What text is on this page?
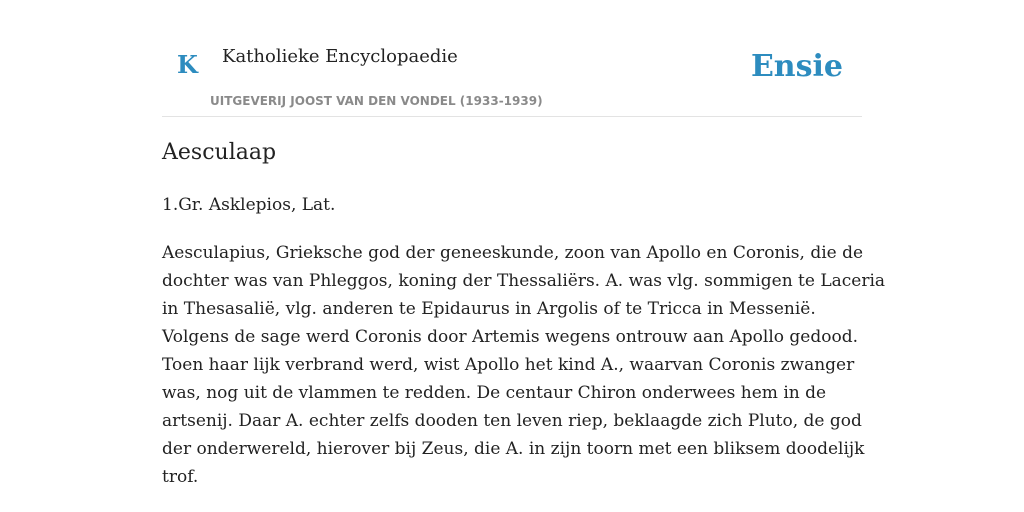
K Katholieke Encyclopaedie
UITGEVERIJ JOOST VAN DEN VONDEL (1933-1939)
Ensie
Aesculaap

1.Gr. Asklepios, Lat.

Aesculapius, Grieksche god der geneeskunde, zoon van Apollo en Coronis, die de
dochter was van Phleggos, koning der Thessaliërs. A. was vlg. sommigen te Laceria
in Thesasalië, vlg. anderen te Epidaurus in Argolis of te Tricca in Messenië.
Volgens de sage werd Coronis door Artemis wegens ontrouw aan Apollo gedood.
Toen haar lijk verbrand werd, wist Apollo het kind A., waarvan Coronis zwanger
was, nog uit de vlammen te redden. De centaur Chiron onderwees hem in de
artsenij. Daar A. echter zelfs dooden ten leven riep, beklaagde zich Pluto, de god
der onderwereld, hierover bij Zeus, die A. in zijn toorn met een bliksem doodelijk
trof.
